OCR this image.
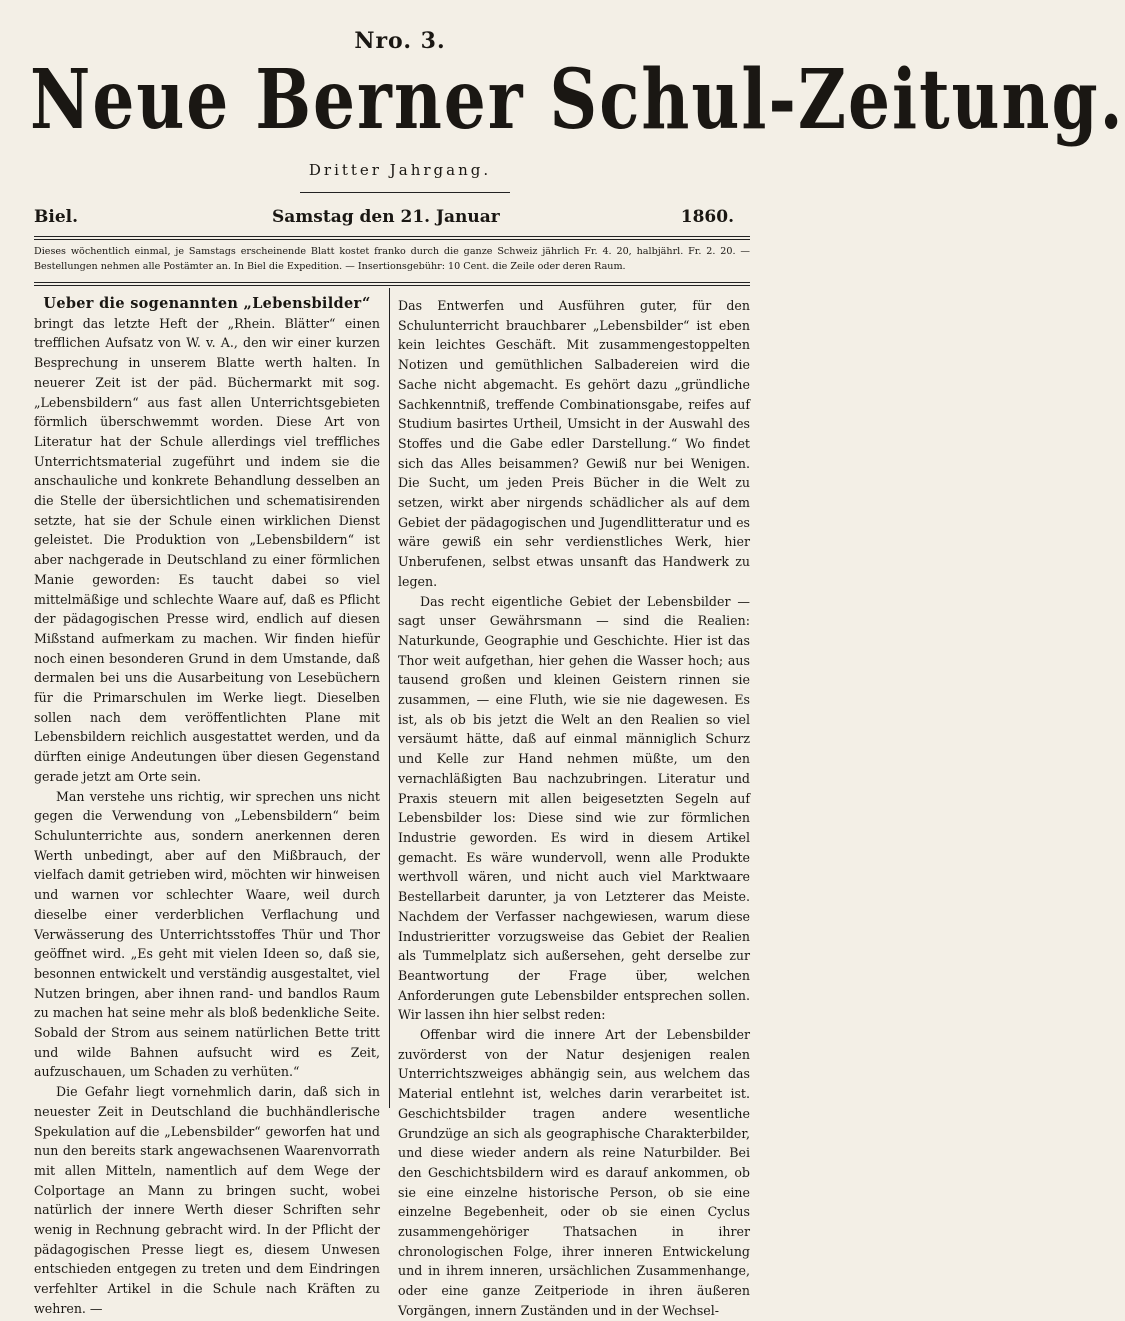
Nro. 3.
Neue Berner Schul-Zeitung.
Dritter Jahrgang.
Biel.	Samstag den 21. Januar	1860.
Dieses wöchentlich einmal, je Samstags erscheinende Blatt kostet franko durch die ganze Schweiz jährlich Fr. 4. 20, halbjährl. Fr. 2. 20. — Bestellungen nehmen alle Postämter an. In Biel die Expedition. — Insertionsgebühr: 10 Cent. die Zeile oder deren Raum.

Ueber die sogenannten „Lebensbilder“

bringt das letzte Heft der „Rhein. Blätter“ einen trefflichen Aufsatz von W. v. A., den wir einer kurzen Besprechung in unserem Blatte werth halten. In neuerer Zeit ist der päd. Büchermarkt mit sog. „Lebensbildern“ aus fast allen Unterrichtsgebieten förmlich überschwemmt worden. Diese Art von Literatur hat der Schule allerdings viel treffliches Unterrichtsmaterial zugeführt und indem sie die anschauliche und konkrete Behandlung desselben an die Stelle der übersichtlichen und schematisirenden setzte, hat sie der Schule einen wirklichen Dienst geleistet. Die Produktion von „Lebensbildern“ ist aber nachgerade in Deutschland zu einer förmlichen Manie geworden: Es taucht dabei so viel mittelmäßige und schlechte Waare auf, daß es Pflicht der pädagogischen Presse wird, endlich auf diesen Mißstand aufmerkam zu machen. Wir finden hiefür noch einen besonderen Grund in dem Umstande, daß dermalen bei uns die Ausarbeitung von Lesebüchern für die Primarschulen im Werke liegt. Dieselben sollen nach dem veröffentlichten Plane mit Lebensbildern reichlich ausgestattet werden, und da dürften einige Andeutungen über diesen Gegenstand gerade jetzt am Orte sein.

Man verstehe uns richtig, wir sprechen uns nicht gegen die Verwendung von „Lebensbildern“ beim Schulunterrichte aus, sondern anerkennen deren Werth unbedingt, aber auf den Mißbrauch, der vielfach damit getrieben wird, möchten wir hinweisen und warnen vor schlechter Waare, weil durch dieselbe einer verderblichen Verflachung und Verwässerung des Unterrichtsstoffes Thür und Thor geöffnet wird. „Es geht mit vielen Ideen so, daß sie, besonnen entwickelt und verständig ausgestaltet, viel Nutzen bringen, aber ihnen rand- und bandlos Raum zu machen hat seine mehr als bloß bedenkliche Seite. Sobald der Strom aus seinem natürlichen Bette tritt und wilde Bahnen aufsucht wird es Zeit, aufzuschauen, um Schaden zu verhüten.“

Die Gefahr liegt vornehmlich darin, daß sich in neuester Zeit in Deutschland die buchhändlerische Spekulation auf die „Lebensbilder“ geworfen hat und nun den bereits stark angewachsenen Waarenvorrath mit allen Mitteln, namentlich auf dem Wege der Colportage an Mann zu bringen sucht, wobei natürlich der innere Werth dieser Schriften sehr wenig in Rechnung gebracht wird. In der Pflicht der pädagogischen Presse liegt es, diesem Unwesen entschieden entgegen zu treten und dem Eindringen verfehlter Artikel in die Schule nach Kräften zu wehren. —

Das Entwerfen und Ausführen guter, für den Schulunterricht brauchbarer „Lebensbilder“ ist eben kein leichtes Geschäft. Mit zusammengestoppelten Notizen und gemüthlichen Salbadereien wird die Sache nicht abgemacht. Es gehört dazu „gründliche Sachkenntniß, treffende Combinationsgabe, reifes auf Studium basirtes Urtheil, Umsicht in der Auswahl des Stoffes und die Gabe edler Darstellung.“ Wo findet sich das Alles beisammen? Gewiß nur bei Wenigen. Die Sucht, um jeden Preis Bücher in die Welt zu setzen, wirkt aber nirgends schädlicher als auf dem Gebiet der pädagogischen und Jugendlitteratur und es wäre gewiß ein sehr verdienstliches Werk, hier Unberufenen, selbst etwas unsanft das Handwerk zu legen.

Das recht eigentliche Gebiet der Lebensbilder — sagt unser Gewährsmann — sind die Realien: Naturkunde, Geographie und Geschichte. Hier ist das Thor weit aufgethan, hier gehen die Wasser hoch; aus tausend großen und kleinen Geistern rinnen sie zusammen, — eine Fluth, wie sie nie dagewesen. Es ist, als ob bis jetzt die Welt an den Realien so viel versäumt hätte, daß auf einmal männiglich Schurz und Kelle zur Hand nehmen müßte, um den vernachläßigten Bau nachzubringen. Literatur und Praxis steuern mit allen beigesetzten Segeln auf Lebensbilder los: Diese sind wie zur förmlichen Industrie geworden. Es wird in diesem Artikel gemacht. Es wäre wundervoll, wenn alle Produkte werthvoll wären, und nicht auch viel Marktwaare Bestellarbeit darunter, ja von Letzterer das Meiste. Nachdem der Verfasser nachgewiesen, warum diese Industrieritter vorzugsweise das Gebiet der Realien als Tummelplatz sich außersehen, geht derselbe zur Beantwortung der Frage über, welchen Anforderungen gute Lebensbilder entsprechen sollen. Wir lassen ihn hier selbst reden:

Offenbar wird die innere Art der Lebensbilder zuvörderst von der Natur desjenigen realen Unterrichtszweiges abhängig sein, aus welchem das Material entlehnt ist, welches darin verarbeitet ist. Geschichtsbilder tragen andere wesentliche Grundzüge an sich als geographische Charakterbilder, und diese wieder andern als reine Naturbilder. Bei den Geschichtsbildern wird es darauf ankommen, ob sie eine einzelne historische Person, ob sie eine einzelne Begebenheit, oder ob sie einen Cyclus zusammengehöriger Thatsachen in ihrer chronologischen Folge, ihrer inneren Entwickelung und in ihrem inneren, ursächlichen Zusammenhange, oder eine ganze Zeitperiode in ihren äußeren Vorgängen, innern Zuständen und in der Wechsel-
